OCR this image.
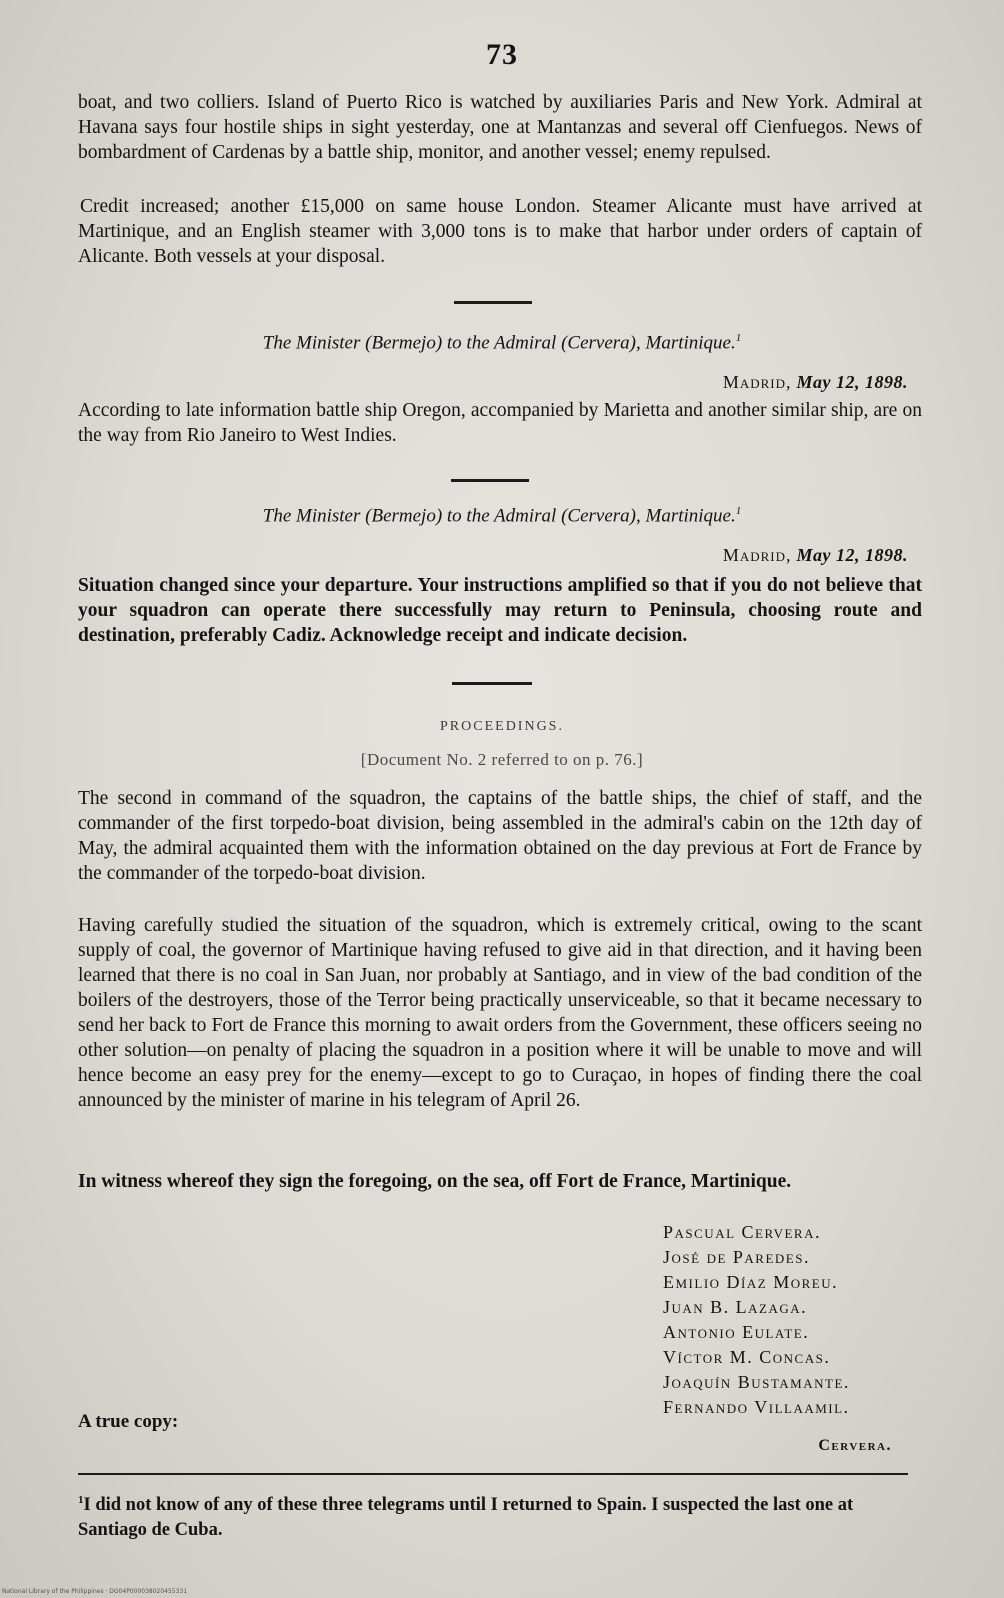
73

boat, and two colliers. Island of Puerto Rico is watched by auxiliaries Paris and New York. Admiral at Havana says four hostile ships in sight yesterday, one at Mantanzas and several off Cienfuegos. News of bombardment of Cardenas by a battle ship, monitor, and another vessel; enemy repulsed.

Credit increased; another £15,000 on same house London. Steamer Alicante must have arrived at Martinique, and an English steamer with 3,000 tons is to make that harbor under orders of captain of Alicante. Both vessels at your disposal.

The Minister (Bermejo) to the Admiral (Cervera), Martinique.$^1$
Madrid, May 12, 1898.

According to late information battle ship Oregon, accompanied by Marietta and another similar ship, are on the way from Rio Janeiro to West Indies.

The Minister (Bermejo) to the Admiral (Cervera), Martinique.$^1$
Madrid, May 12, 1898.

Situation changed since your departure. Your instructions amplified so that if you do not believe that your squadron can operate there successfully may return to Peninsula, choosing route and destination, preferably Cadiz. Acknowledge receipt and indicate decision.

PROCEEDINGS.
[Document No. 2 referred to on p. 76.]

The second in command of the squadron, the captains of the battle ships, the chief of staff, and the commander of the first torpedo-boat division, being assembled in the admiral's cabin on the 12th day of May, the admiral acquainted them with the information obtained on the day previous at Fort de France by the commander of the torpedo-boat division.

Having carefully studied the situation of the squadron, which is extremely critical, owing to the scant supply of coal, the governor of Martinique having refused to give aid in that direction, and it having been learned that there is no coal in San Juan, nor probably at Santiago, and in view of the bad condition of the boilers of the destroyers, those of the Terror being practically unserviceable, so that it became necessary to send her back to Fort de France this morning to await orders from the Government, these officers seeing no other solution—on penalty of placing the squadron in a position where it will be unable to move and will hence become an easy prey for the enemy—except to go to Curaçao, in hopes of finding there the coal announced by the minister of marine in his telegram of April 26.

In witness whereof they sign the foregoing, on the sea, off Fort de France, Martinique.

Pascual Cervera.
José de Paredes.
Emilio Díaz Moreu.
Juan B. Lazaga.
Antonio Eulate.
Víctor M. Concas.
Joaquín Bustamante.
Fernando Villaamil.
A true copy:
Cervera.
$^1$I did not know of any of these three telegrams until I returned to Spain. I suspected the last one at Santiago de Cuba.
National Library of the Philippines · DG04P000038020455331
